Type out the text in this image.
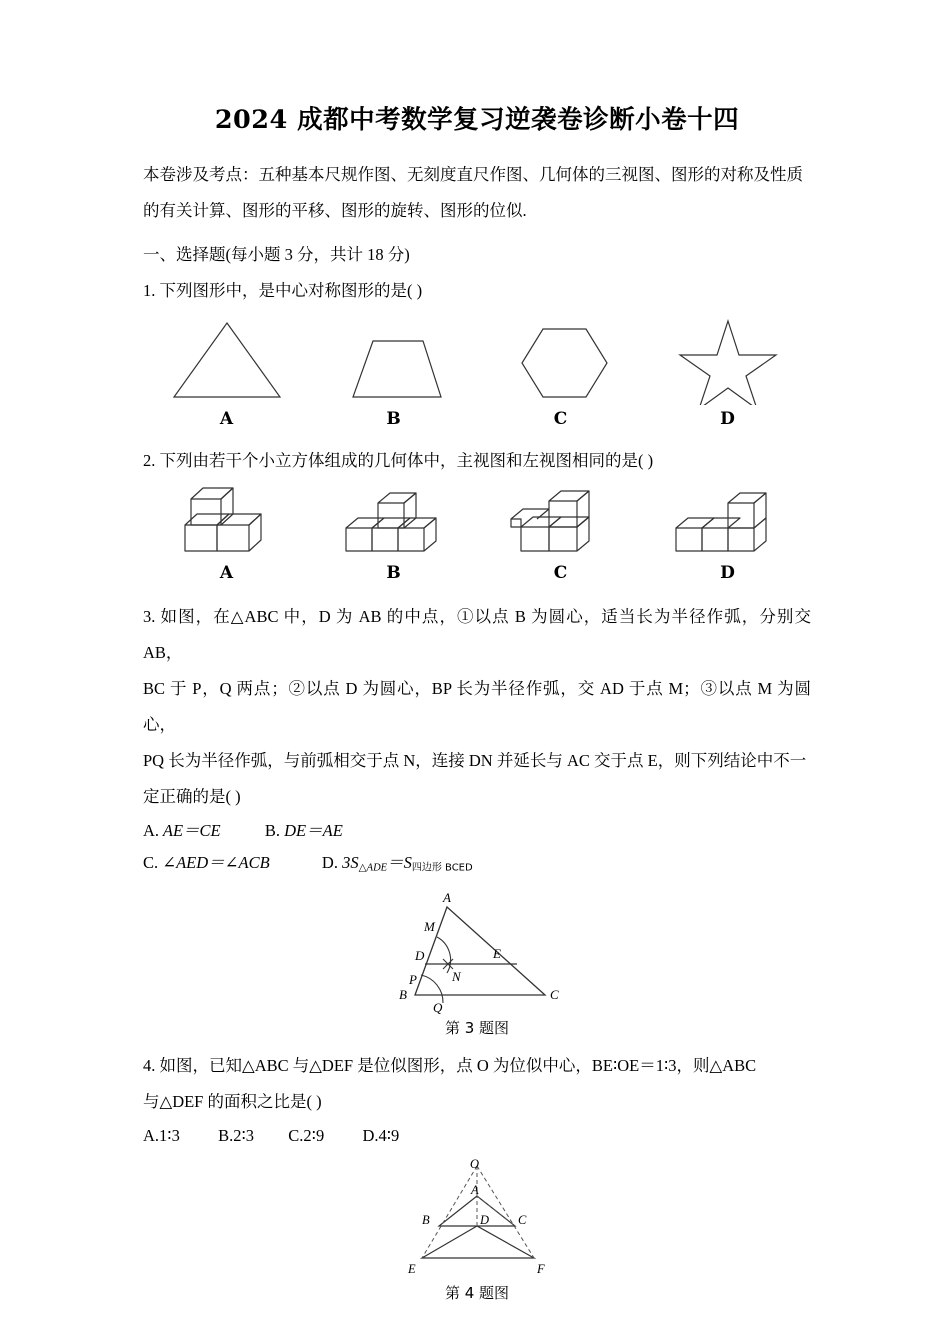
2024 成都中考数学复习逆袭卷诊断小卷十四

本卷涉及考点：五种基本尺规作图、无刻度直尺作图、几何体的三视图、图形的对称及性质

的有关计算、图形的平移、图形的旋转、图形的位似.

一、选择题(每小题 3 分，共计 18 分)

1. 下列图形中，是中心对称图形的是( )

A	B	C	D

2. 下列由若干个小立方体组成的几何体中，主视图和左视图相同的是( )

A	B	C	D

3. 如图，在△ABC 中，D 为 AB 的中点，①以点 B 为圆心，适当长为半径作弧，分别交 AB，

BC 于 P，Q 两点；②以点 D 为圆心，BP 长为半径作弧，交 AD 于点 M；③以点 M 为圆心，

PQ 长为半径作弧，与前弧相交于点 N，连接 DN 并延长与 AC 交于点 E，则下列结论中不一

定正确的是( )

A. AE＝CE	B. DE＝AE

C. ∠AED＝∠ACB	D. $3S_{\triangle ADE}=S$四边形 BCED

A
M
D	E
N
P
B
Q
C
第 3 题图

4. 如图，已知△ABC 与△DEF 是位似图形，点 O 为位似中心，BE∶OE＝1∶3，则△ABC

与△DEF 的面积之比是( )

A.1∶3 B.2∶3 C.2∶9 D.4∶9

O
A
B	D C
E	F
第 4 题图
